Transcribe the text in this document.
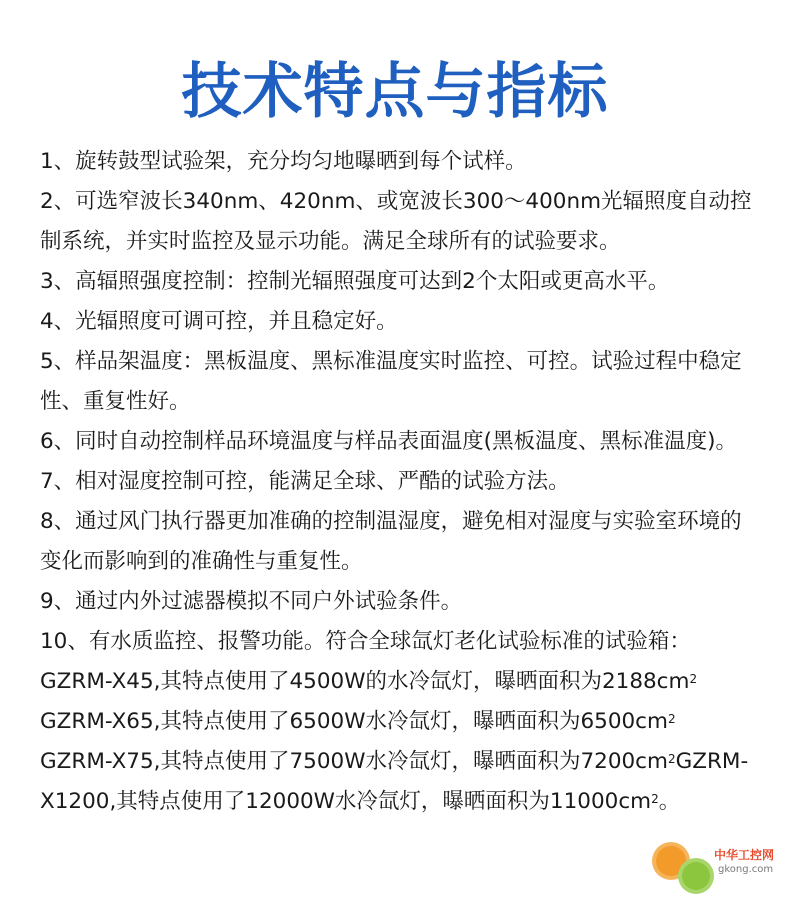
技术特点与指标

1、旋转鼓型试验架，充分均匀地曝晒到每个试样。

2、可选窄波长340nm、420nm、或宽波长300～400nm光辐照度自动控制系统，并实时监控及显示功能。满足全球所有的试验要求。

3、高辐照强度控制：控制光辐照强度可达到2个太阳或更高水平。

4、光辐照度可调可控，并且稳定好。

5、样品架温度：黑板温度、黑标准温度实时监控、可控。试验过程中稳定性、重复性好。

6、同时自动控制样品环境温度与样品表面温度(黑板温度、黑标准温度)。

7、相对湿度控制可控，能满足全球、严酷的试验方法。

8、通过风门执行器更加准确的控制温湿度，避免相对湿度与实验室环境的变化而影响到的准确性与重复性。

9、通过内外过滤器模拟不同户外试验条件。

10、有水质监控、报警功能。符合全球氙灯老化试验标准的试验箱：

GZRM-X45,其特点使用了4500W的水冷氙灯，曝晒面积为$2188cm^2$

GZRM-X65,其特点使用了6500W水冷氙灯，曝晒面积为$6500cm^2$

GZRM-X75,其特点使用了7500W水冷氙灯，曝晒面积为$7200cm^2GZRM-X1200$,其特点使用了12000W水冷氙灯，曝晒面积为$11000cm^2$。

中华工控网
gkong.com
